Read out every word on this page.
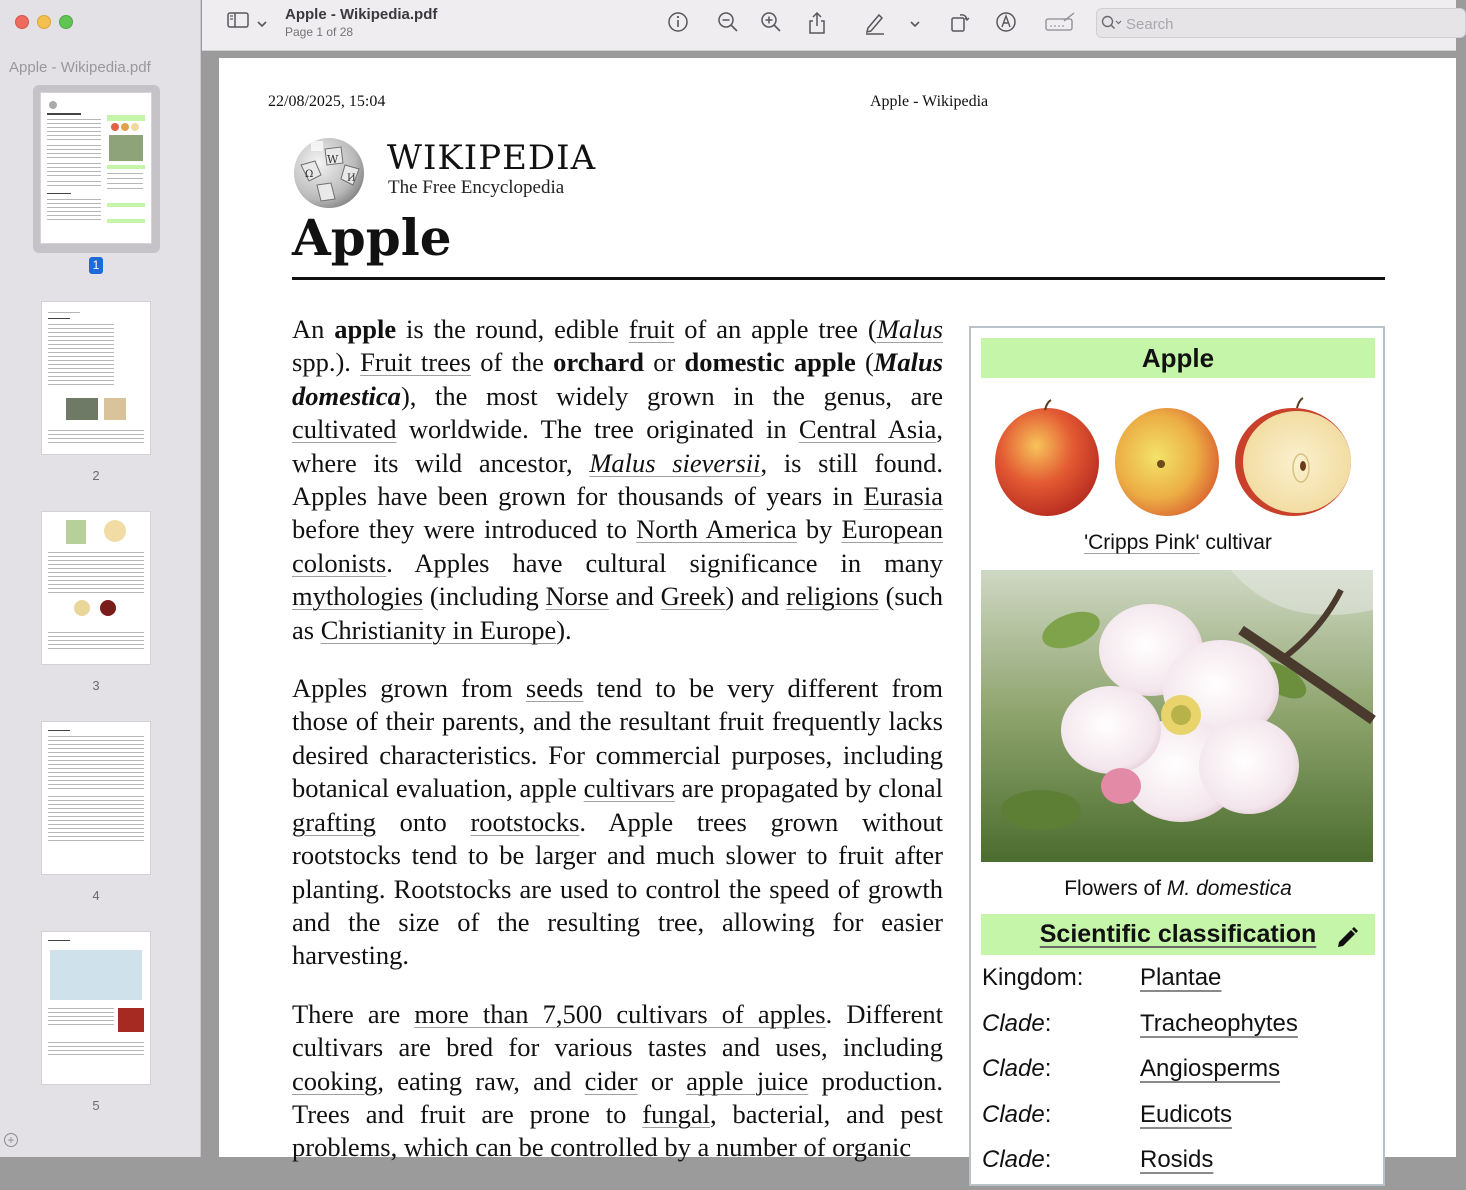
Apple - Wikipedia.pdf
1
2
3
4
5
+
Apple - Wikipedia.pdf
Page 1 of 28
Search
22/08/2025, 15:04	Apple - Wikipedia
W
Ω	И
WIKIPEDIA
The Free Encyclopedia
Apple

An apple is the round, edible fruit of an apple tree (Malus spp.). Fruit trees of the orchard or domestic apple (Malus domestica), the most widely grown in the genus, are cultivated worldwide. The tree originated in Central Asia, where its wild ancestor, Malus sieversii, is still found. Apples have been grown for thousands of years in Eurasia before they were introduced to North America by European colonists. Apples have cultural significance in many mythologies (including Norse and Greek) and religions (such as Christianity in Europe).

Apples grown from seeds tend to be very different from those of their parents, and the resultant fruit frequently lacks desired characteristics. For commercial purposes, including botanical evaluation, apple cultivars are propagated by clonal grafting onto rootstocks. Apple trees grown without rootstocks tend to be larger and much slower to fruit after planting. Rootstocks are used to control the speed of growth and the size of the resulting tree, allowing for easier harvesting.

There are more than 7,500 cultivars of apples. Different cultivars are bred for various tastes and uses, including cooking, eating raw, and cider or apple juice production. Trees and fruit are prone to fungal, bacterial, and pest problems, which can be controlled by a number of organic

Apple
'Cripps Pink' cultivar
Flowers of M. domestica
Scientific classification
Kingdom: Plantae
Clade:	Tracheophytes
Clade:	Angiosperms
Clade:	Eudicots
Clade:	Rosids
